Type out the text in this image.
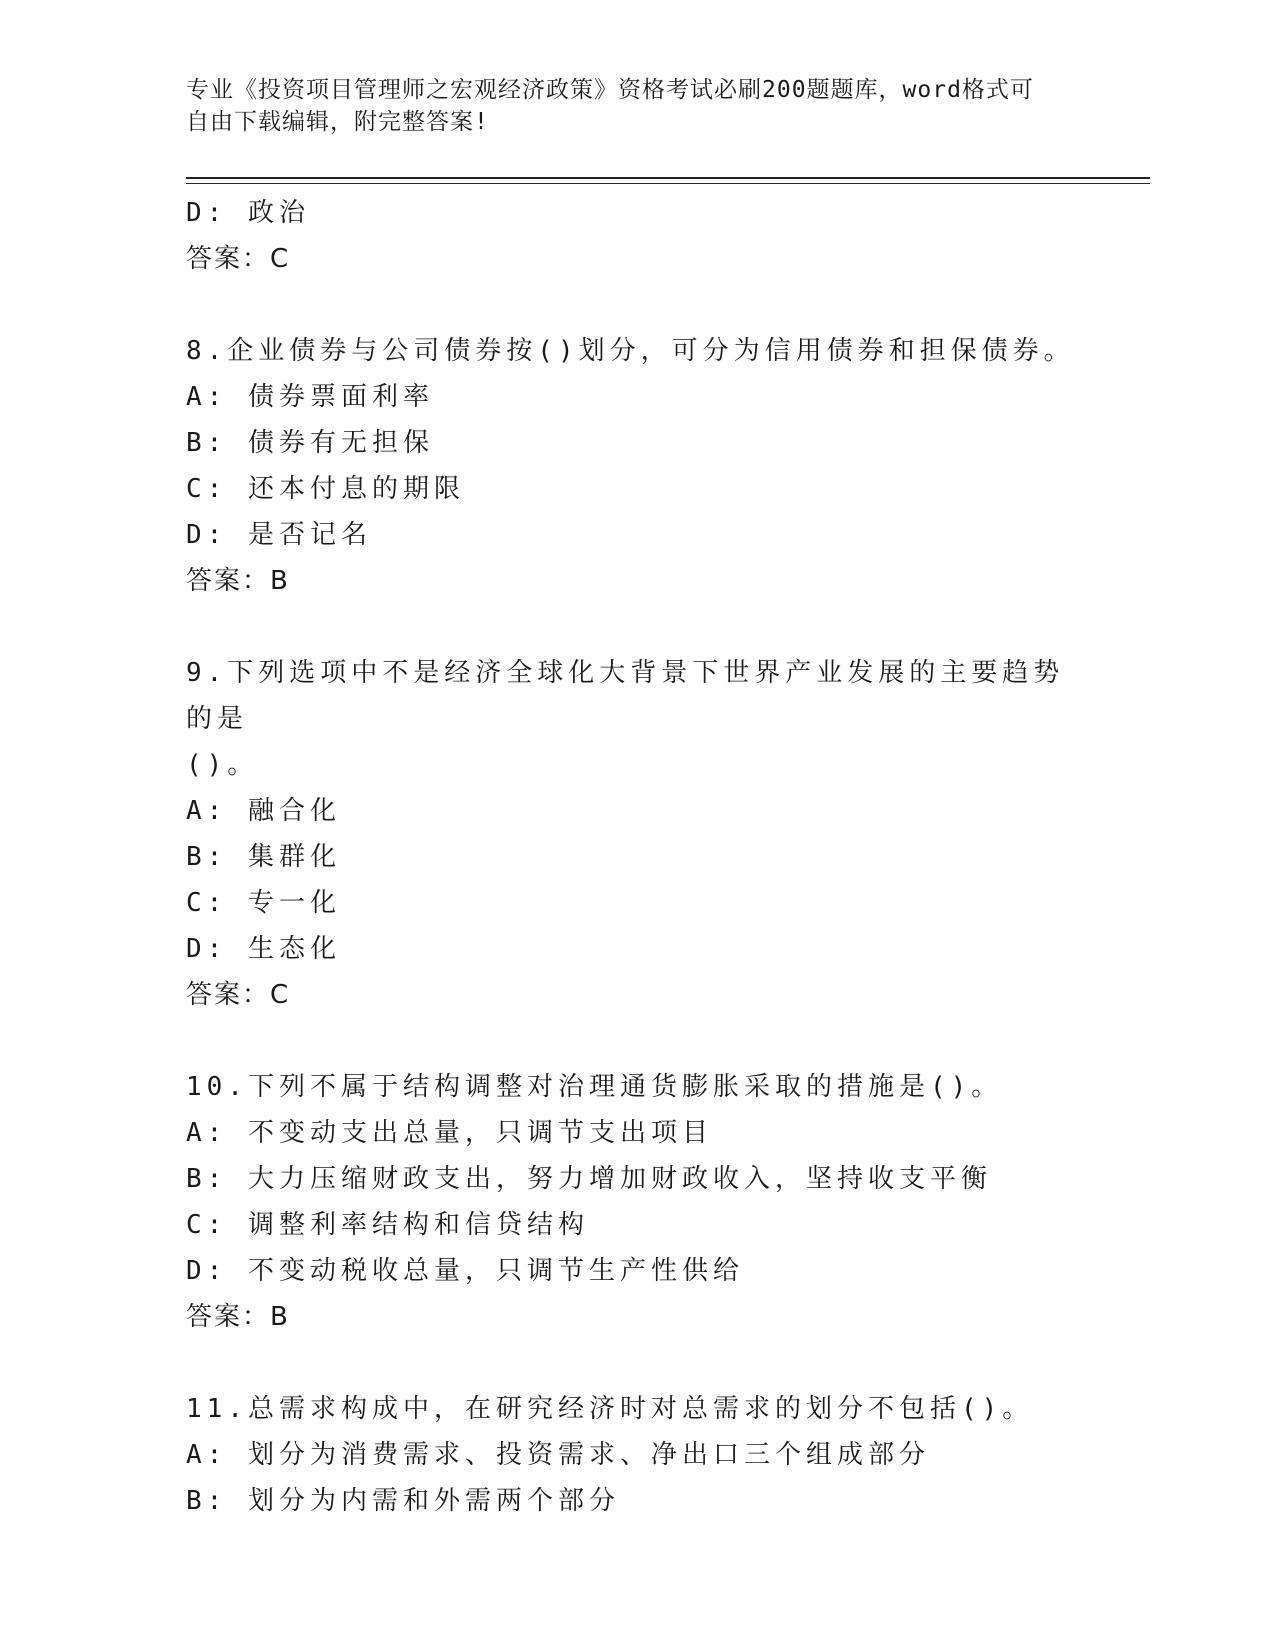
专业《投资项目管理师之宏观经济政策》资格考试必刷200题题库，word格式可
自由下载编辑，附完整答案!
D: 政治
答案：C
8.企业债券与公司债券按()划分，可分为信用债券和担保债券。
A: 债券票面利率
B: 债券有无担保
C: 还本付息的期限
D: 是否记名
答案：B
9.下列选项中不是经济全球化大背景下世界产业发展的主要趋势的是
()。
A: 融合化
B: 集群化
C: 专一化
D: 生态化
答案：C
10.下列不属于结构调整对治理通货膨胀采取的措施是()。
A: 不变动支出总量，只调节支出项目
B: 大力压缩财政支出，努力增加财政收入，坚持收支平衡
C: 调整利率结构和信贷结构
D: 不变动税收总量，只调节生产性供给
答案：B
11.总需求构成中，在研究经济时对总需求的划分不包括()。
A: 划分为消费需求、投资需求、净出口三个组成部分
B: 划分为内需和外需两个部分
